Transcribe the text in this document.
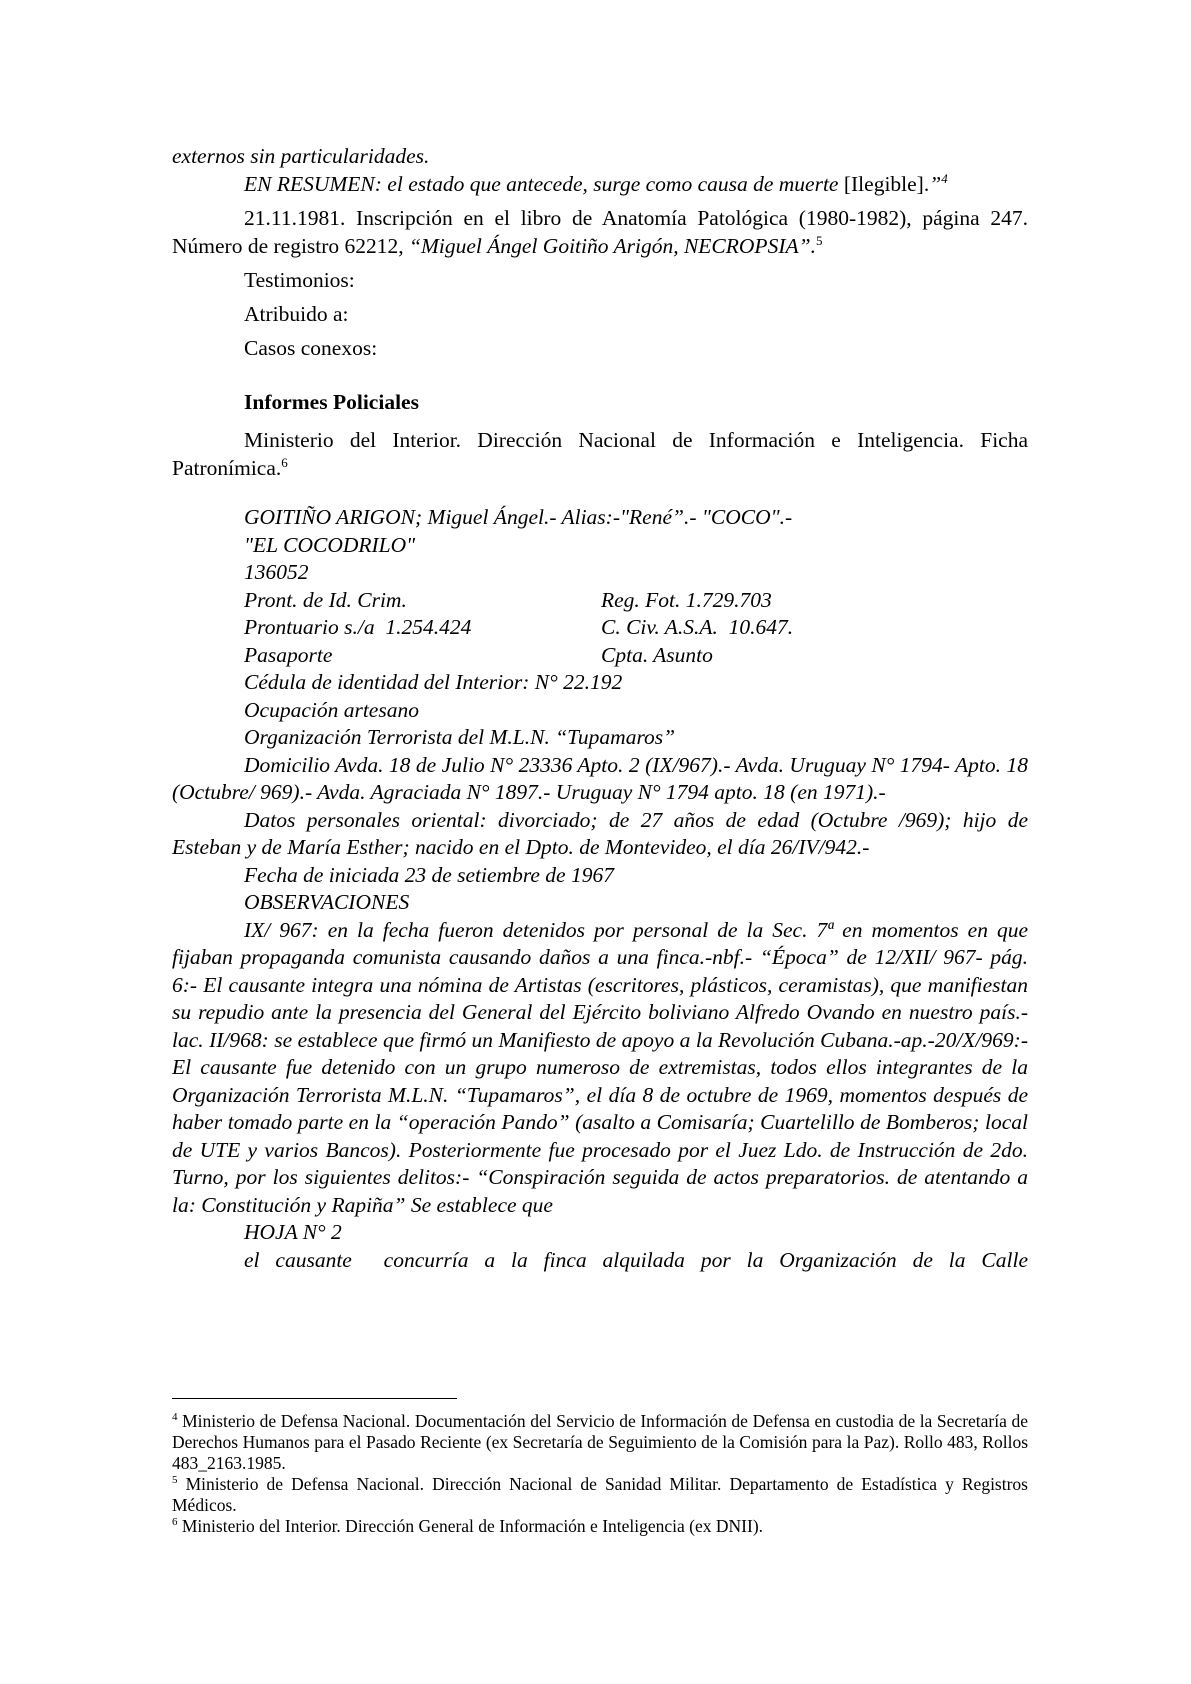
externos sin particularidades.

EN RESUMEN: el estado que antecede, surge como causa de muerte [Ilegible].”$^4$

21.11.1981. Inscripción en el libro de Anatomía Patológica (1980-1982), página 247. Número de registro 62212, “Miguel Ángel Goitiño Arigón, NECROPSIA”.$^5$

Testimonios:

Atribuido a:

Casos conexos:

Informes Policiales

Ministerio del Interior. Dirección Nacional de Información e Inteligencia. Ficha Patronímica.$^6$

GOITIÑO ARIGON; Miguel Ángel.- Alias:-"René”.- "COCO".-
"EL COCODRILO"
136052
Pront. de Id. Crim.	Reg. Fot. 1.729.703
Prontuario s./a  1.254.424	C. Civ. A.S.A.  10.647.
Pasaporte	Cpta. Asunto
Cédula de identidad del Interior: N° 22.192
Ocupación artesano
Organización Terrorista del M.L.N. “Tupamaros”

Domicilio Avda. 18 de Julio N° 23336 Apto. 2 (IX/967).- Avda. Uruguay N° 1794- Apto. 18 (Octubre/ 969).- Avda. Agraciada N° 1897.- Uruguay N° 1794 apto. 18 (en 1971).-

Datos personales oriental: divorciado; de 27 años de edad (Octubre /969); hijo de Esteban y de María Esther; nacido en el Dpto. de Montevideo, el día 26/IV/942.-

Fecha de iniciada 23 de setiembre de 1967

OBSERVACIONES

IX/ 967: en la fecha fueron detenidos por personal de la Sec. 7ª en momentos en que fijaban propaganda comunista causando daños a una finca.-nbf.- “Época” de 12/XII/ 967- pág. 6:- El causante integra una nómina de Artistas (escritores, plásticos, ceramistas), que manifiestan su repudio ante la presencia del General del Ejército boliviano Alfredo Ovando en nuestro país.-lac. II/968: se establece que firmó un Manifiesto de apoyo a la Revolución Cubana.-ap.-20/X/969:- El causante fue detenido con un grupo numeroso de extremistas, todos ellos integrantes de la Organización Terrorista M.L.N. “Tupamaros”, el día 8 de octubre de 1969, momentos después de haber tomado parte en la “operación Pando” (asalto a Comisaría; Cuartelillo de Bomberos; local de UTE y varios Bancos). Posteriormente fue procesado por el Juez Ldo. de Instrucción de 2do. Turno, por los siguientes delitos:- “Conspiración seguida de actos preparatorios. de atentando a la: Constitución y Rapiña” Se establece que

HOJA N° 2

el causante  concurría a la finca alquilada por la Organización de la Calle

$^4$ Ministerio de Defensa Nacional. Documentación del Servicio de Información de Defensa en custodia de la Secretaría de Derechos Humanos para el Pasado Reciente (ex Secretaría de Seguimiento de la Comisión para la Paz). Rollo 483, Rollos 483_2163.1985.

$^5$ Ministerio de Defensa Nacional. Dirección Nacional de Sanidad Militar. Departamento de Estadística y Registros Médicos.

$^6$ Ministerio del Interior. Dirección General de Información e Inteligencia (ex DNII).
